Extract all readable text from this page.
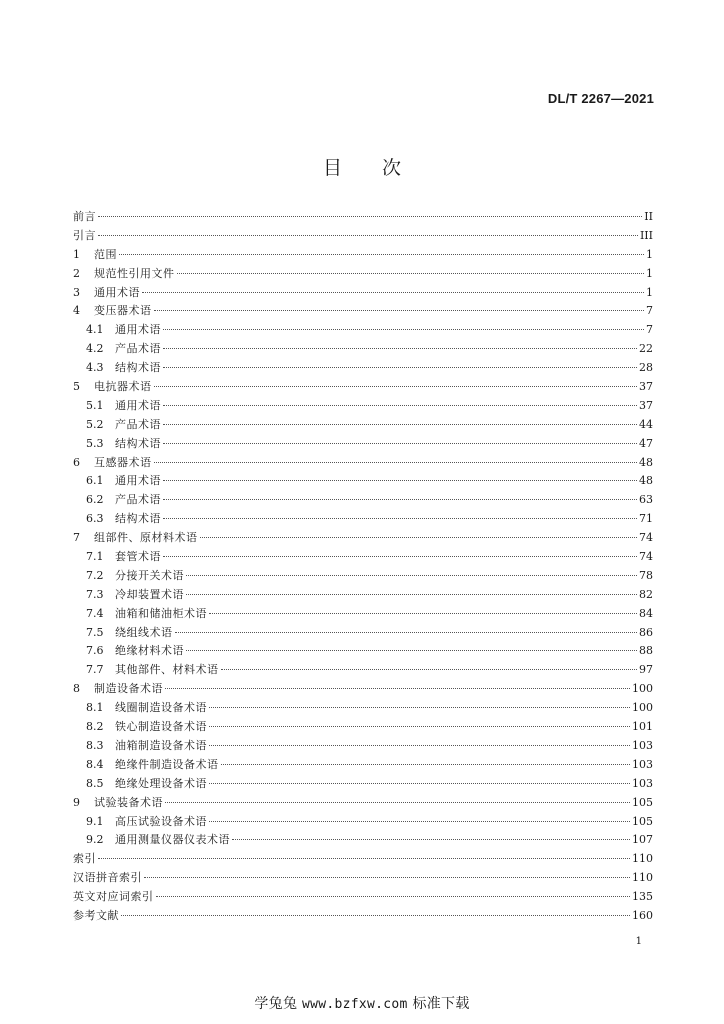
DL/T 2267—2021
目次
前言	II
引言	III
1	范围	1
2	规范性引用文件	1
3	通用术语	1
4	变压器术语	7
4.1	通用术语	7
4.2	产品术语	22
4.3	结构术语	28
5	电抗器术语	37
5.1	通用术语	37
5.2	产品术语	44
5.3	结构术语	47
6	互感器术语	48
6.1	通用术语	48
6.2	产品术语	63
6.3	结构术语	71
7	组部件、原材料术语	74
7.1	套管术语	74
7.2	分接开关术语	78
7.3	冷却装置术语	82
7.4	油箱和储油柜术语	84
7.5	绕组线术语	86
7.6	绝缘材料术语	88
7.7	其他部件、材料术语	97
8	制造设备术语	100
8.1	线圈制造设备术语	100
8.2	铁心制造设备术语	101
8.3	油箱制造设备术语	103
8.4	绝缘件制造设备术语	103
8.5	绝缘处理设备术语	103
9	试验装备术语	105
9.1	高压试验设备术语	105
9.2	通用测量仪器仪表术语	107
索引	110
汉语拼音索引	110
英文对应词索引	135
参考文献	160
1
学兔兔 www.bzfxw.com 标准下载
